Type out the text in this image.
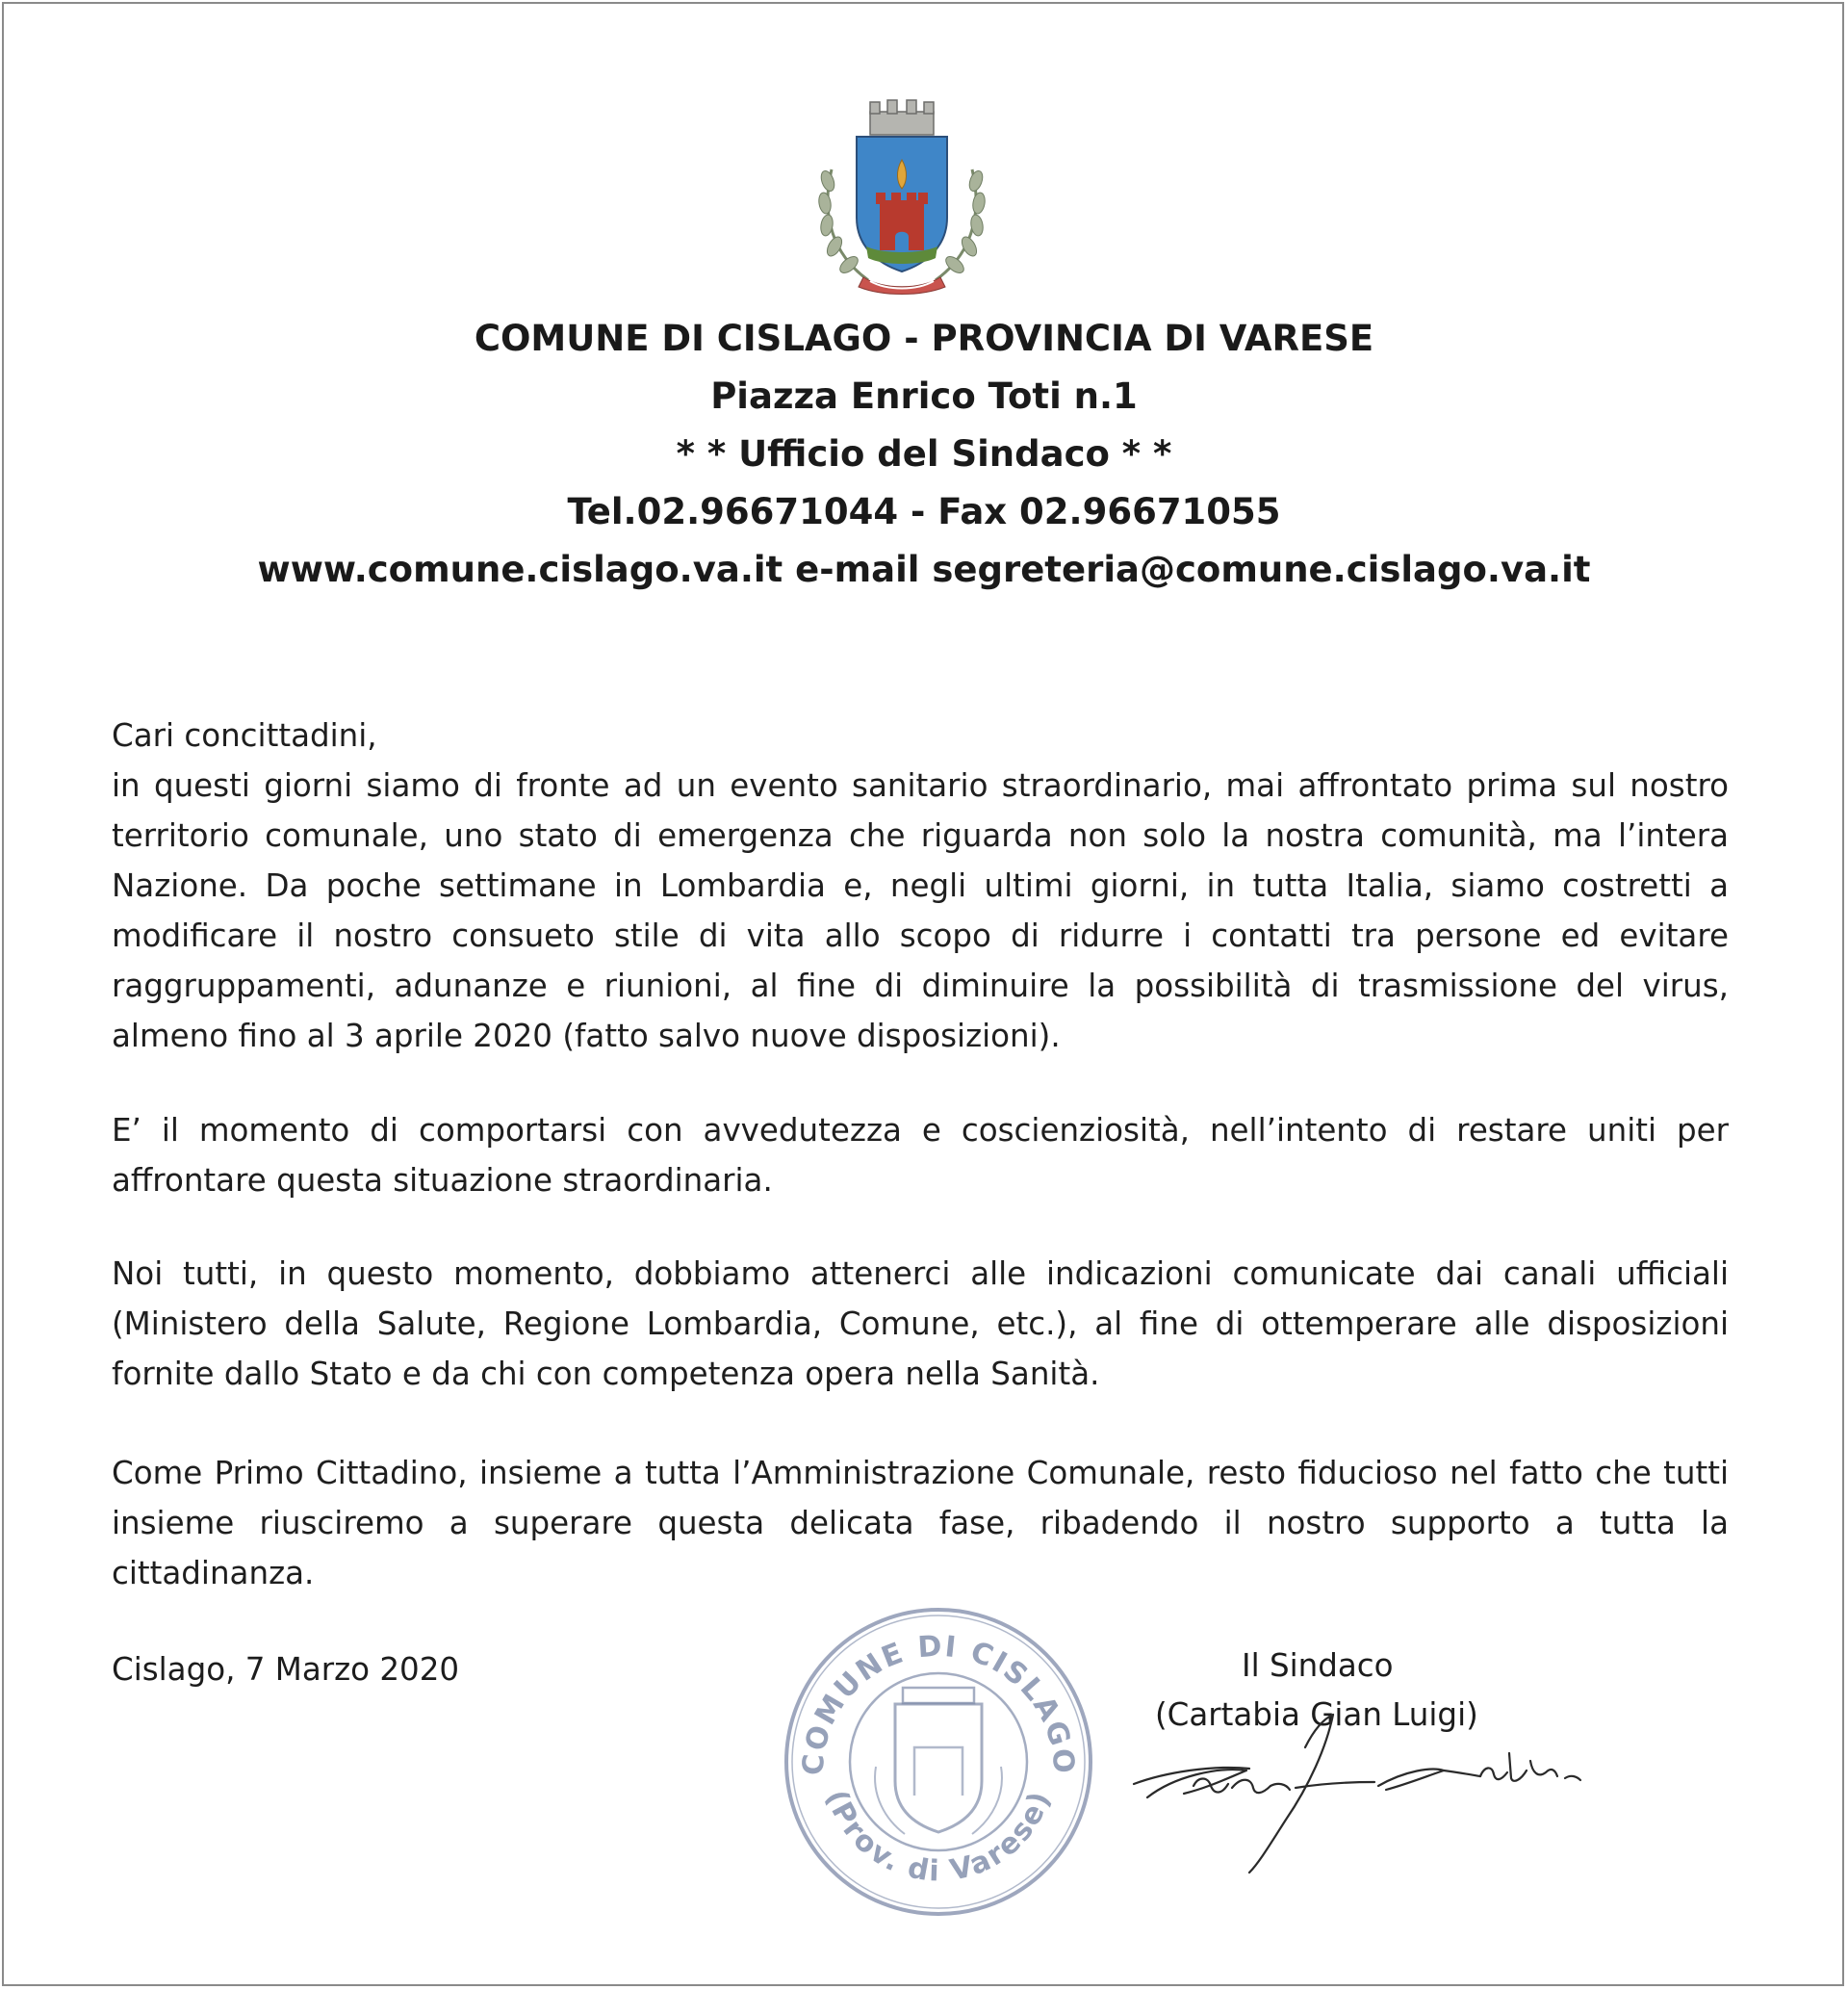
COMUNE DI CISLAGO - PROVINCIA DI VARESE
Piazza Enrico Toti n.1
* * Ufficio del Sindaco * *
Tel.02.96671044 - Fax 02.96671055
www.comune.cislago.va.it e-mail segreteria@comune.cislago.va.it

Cari concittadini,

in questi giorni siamo di fronte ad un evento sanitario straordinario, mai affrontato prima sul nostro territorio comunale, uno stato di emergenza che riguarda non solo la nostra comunità, ma l’intera Nazione. Da poche settimane in Lombardia e, negli ultimi giorni, in tutta Italia, siamo costretti a modificare il nostro consueto stile di vita allo scopo di ridurre i contatti tra persone ed evitare raggruppamenti, adunanze e riunioni, al fine di diminuire la possibilità di trasmissione del virus, almeno fino al 3 aprile 2020 (fatto salvo nuove disposizioni).

E’ il momento di comportarsi con avvedutezza e coscienziosità, nell’intento di restare uniti per affrontare questa situazione straordinaria.

Noi tutti, in questo momento, dobbiamo attenerci alle indicazioni comunicate dai canali ufficiali (Ministero della Salute, Regione Lombardia, Comune, etc.), al fine di ottemperare alle disposizioni fornite dallo Stato e da chi con competenza opera nella Sanità.

Come Primo Cittadino, insieme a tutta l’Amministrazione Comunale, resto fiducioso nel fatto che tutti insieme riusciremo a superare questa delicata fase, ribadendo il nostro supporto a tutta la cittadinanza.

Cislago, 7 Marzo 2020
COMUNE DI CISLAGO
(Prov. di Varese)
Il Sindaco
(Cartabia Gian Luigi)
